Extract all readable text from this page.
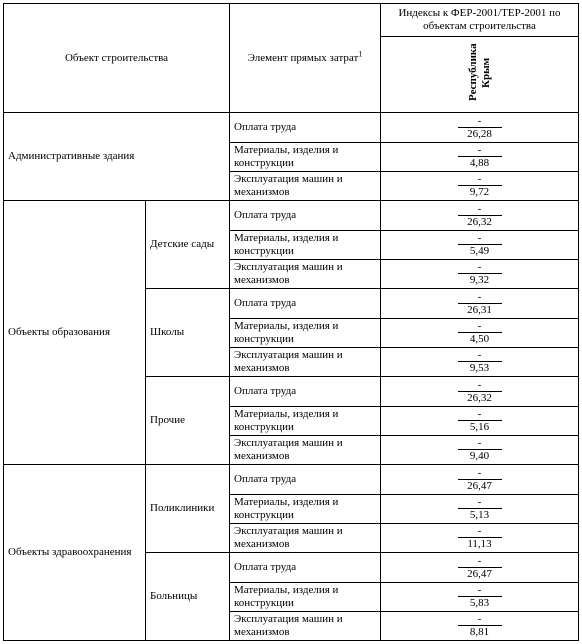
Объект строительства		Элемент прямых затрат$^1$	Индексы к ФЕР-2001/ТЕР-2001 по объектам строительства
			Республика Крым
Административные здания		Оплата труда	$\frac{-}{26,28}$

		Материалы, изделия и конструкции	$\frac{-}{4,88}$

		Эксплуатация машин и механизмов	$\frac{-}{9,72}$

Объекты образования	Детские сады	Оплата труда	$\frac{-}{26,32}$

		Материалы, изделия и конструкции	$\frac{-}{5,49}$

		Эксплуатация машин и механизмов	$\frac{-}{9,32}$

	Школы	Оплата труда	$\frac{-}{26,31}$

		Материалы, изделия и конструкции	$\frac{-}{4,50}$

		Эксплуатация машин и механизмов	$\frac{-}{9,53}$

	Прочие	Оплата труда	$\frac{-}{26,32}$

		Материалы, изделия и конструкции	$\frac{-}{5,16}$

		Эксплуатация машин и механизмов	$\frac{-}{9,40}$

Объекты здравоохранения	Поликлиники	Оплата труда	$\frac{-}{26,47}$

		Материалы, изделия и конструкции	$\frac{-}{5,13}$

		Эксплуатация машин и механизмов	$\frac{-}{11,13}$

	Больницы	Оплата труда	$\frac{-}{26,47}$

		Материалы, изделия и конструкции	$\frac{-}{5,83}$

		Эксплуатация машин и механизмов	$\frac{-}{8,81}$
